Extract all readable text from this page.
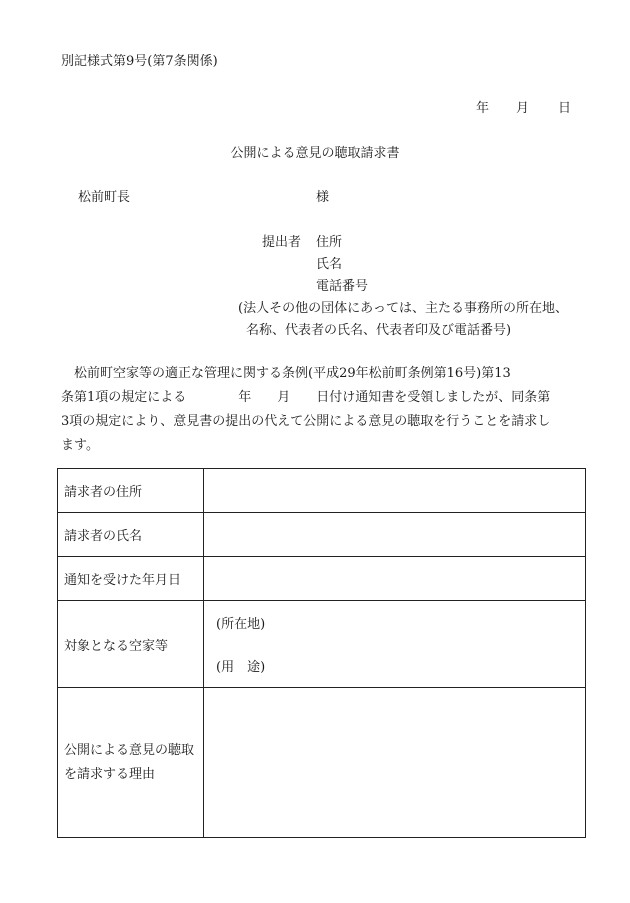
別記様式第9号(第7条関係)
年 月 日
公開による意見の聴取請求書
松前町長	様
提出者 住所
氏名
電話番号
(法人その他の団体にあっては、主たる事務所の所在地、
名称、代表者の氏名、代表者印及び電話番号)
松前町空家等の適正な管理に関する条例(平成29年松前町条例第16号)第13
条第1項の規定による　　　　年　　月　　日付け通知書を受領しましたが、同条第
3項の規定により、意見書の提出の代えて公開による意見の聴取を行うことを請求し
ます。
請求者の住所	
請求者の氏名	
通知を受けた年月日	
対象となる空家等	(所在地)
(用　途)

公開による意見の聴取
を請求する理由	
